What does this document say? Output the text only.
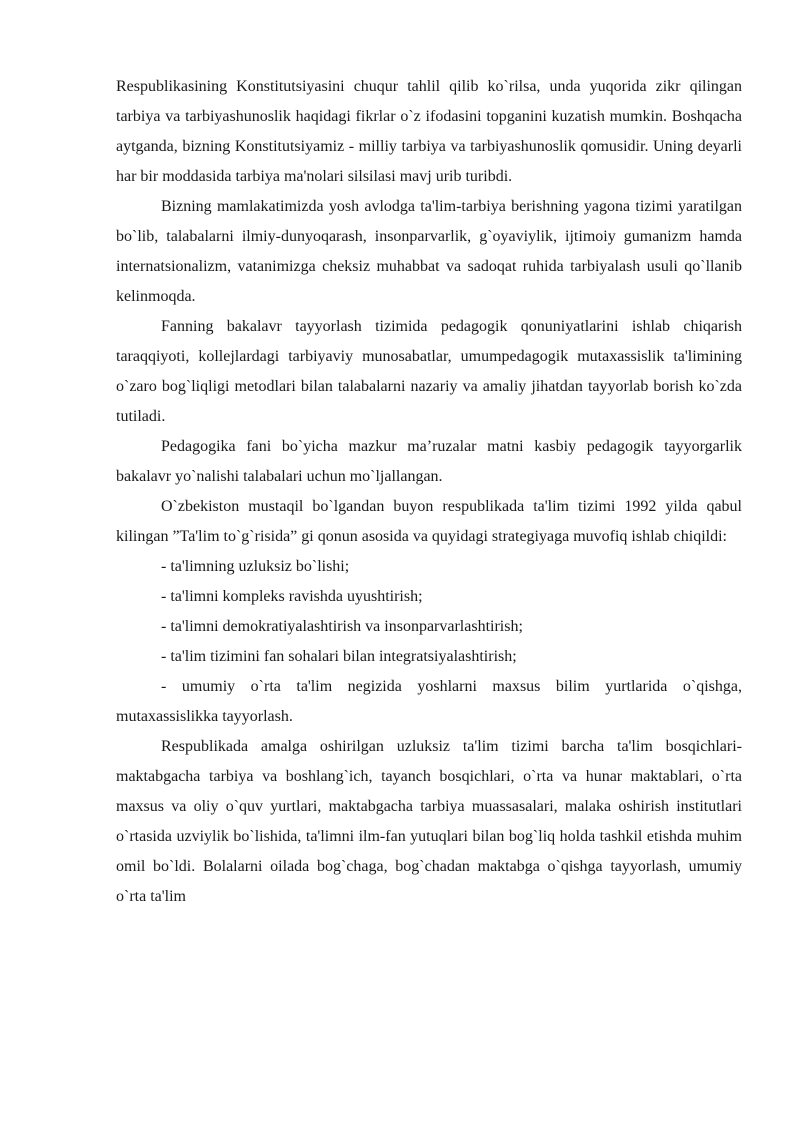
Respublikasining Konstitutsiyasini chuqur tahlil qilib ko`rilsa, unda yuqorida zikr qilingan tarbiya va tarbiyashunoslik haqidagi fikrlar o`z ifodasini topganini kuzatish mumkin. Boshqacha aytganda, bizning Konstitutsiyamiz - milliy tarbiya va tarbiyashunoslik qomusidir. Uning deyarli har bir moddasida tarbiya ma'nolari silsilasi mavj urib turibdi.

Bizning mamlakatimizda yosh avlodga ta'lim-tarbiya berishning yagona tizimi yaratilgan bo`lib, talabalarni ilmiy-dunyoqarash, insonparvarlik, g`oyaviylik, ijtimoiy gumanizm hamda internatsionalizm, vatanimizga cheksiz muhabbat va sadoqat ruhida tarbiyalash usuli qo`llanib kelinmoqda.

Fanning bakalavr tayyorlash tizimida pedagogik qonuniyatlarini ishlab chiqarish taraqqiyoti, kollejlardagi tarbiyaviy munosabatlar, umumpedagogik mutaxassislik ta'limining o`zaro bog`liqligi metodlari bilan talabalarni nazariy va amaliy jihatdan tayyorlab borish ko`zda tutiladi.

Pedagogika fani bo`yicha mazkur ma’ruzalar matni kasbiy pedagogik tayyorgarlik bakalavr yo`nalishi talabalari uchun mo`ljallangan.

O`zbekiston mustaqil bo`lgandan buyon respublikada ta'lim tizimi 1992 yilda qabul kilingan ”Ta'lim to`g`risida” gi qonun asosida va quyidagi strategiyaga muvofiq ishlab chiqildi:

- ta'limning uzluksiz bo`lishi;

- ta'limni kompleks ravishda uyushtirish;

- ta'limni demokratiyalashtirish va insonparvarlashtirish;

- ta'lim tizimini fan sohalari bilan integratsiyalashtirish;

- umumiy o`rta ta'lim negizida yoshlarni maxsus bilim yurtlarida o`qishga, mutaxassislikka tayyorlash.

Respublikada amalga oshirilgan uzluksiz ta'lim tizimi barcha ta'lim bosqichlari-maktabgacha tarbiya va boshlang`ich, tayanch bosqichlari, o`rta va hunar maktablari, o`rta maxsus va oliy o`quv yurtlari, maktabgacha tarbiya muassasalari, malaka oshirish institutlari o`rtasida uzviylik bo`lishida, ta'limni ilm-fan yutuqlari bilan bog`liq holda tashkil etishda muhim omil bo`ldi. Bolalarni oilada bog`chaga, bog`chadan maktabga o`qishga tayyorlash, umumiy o`rta ta'lim
